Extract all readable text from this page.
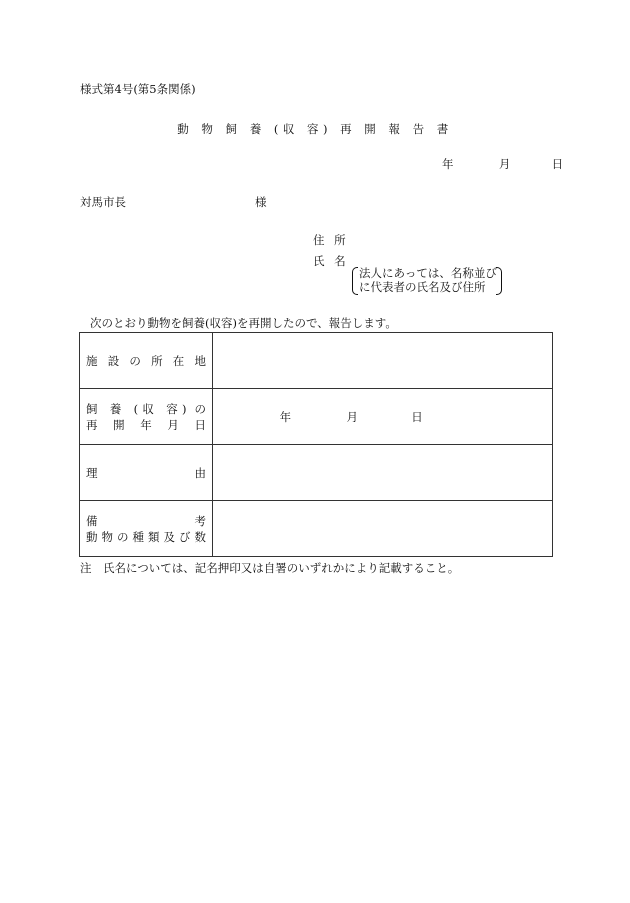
様式第4号(第5条関係)
動 物 飼 養 (収 容) 再 開 報 告 書
年	月	日
対馬市長	様
住 所
氏 名
法人にあっては、名称並び
に代表者の氏名及び住所
次のとおり動物を飼養(収容)を再開したので、報告します。
施 設 の 所 在 地	

飼 養 (収 容) の
再 開 年 月 日	年 月 日

理 由	

備 考
動物の種類及び数	

注　氏名については、記名押印又は自署のいずれかにより記載すること。
